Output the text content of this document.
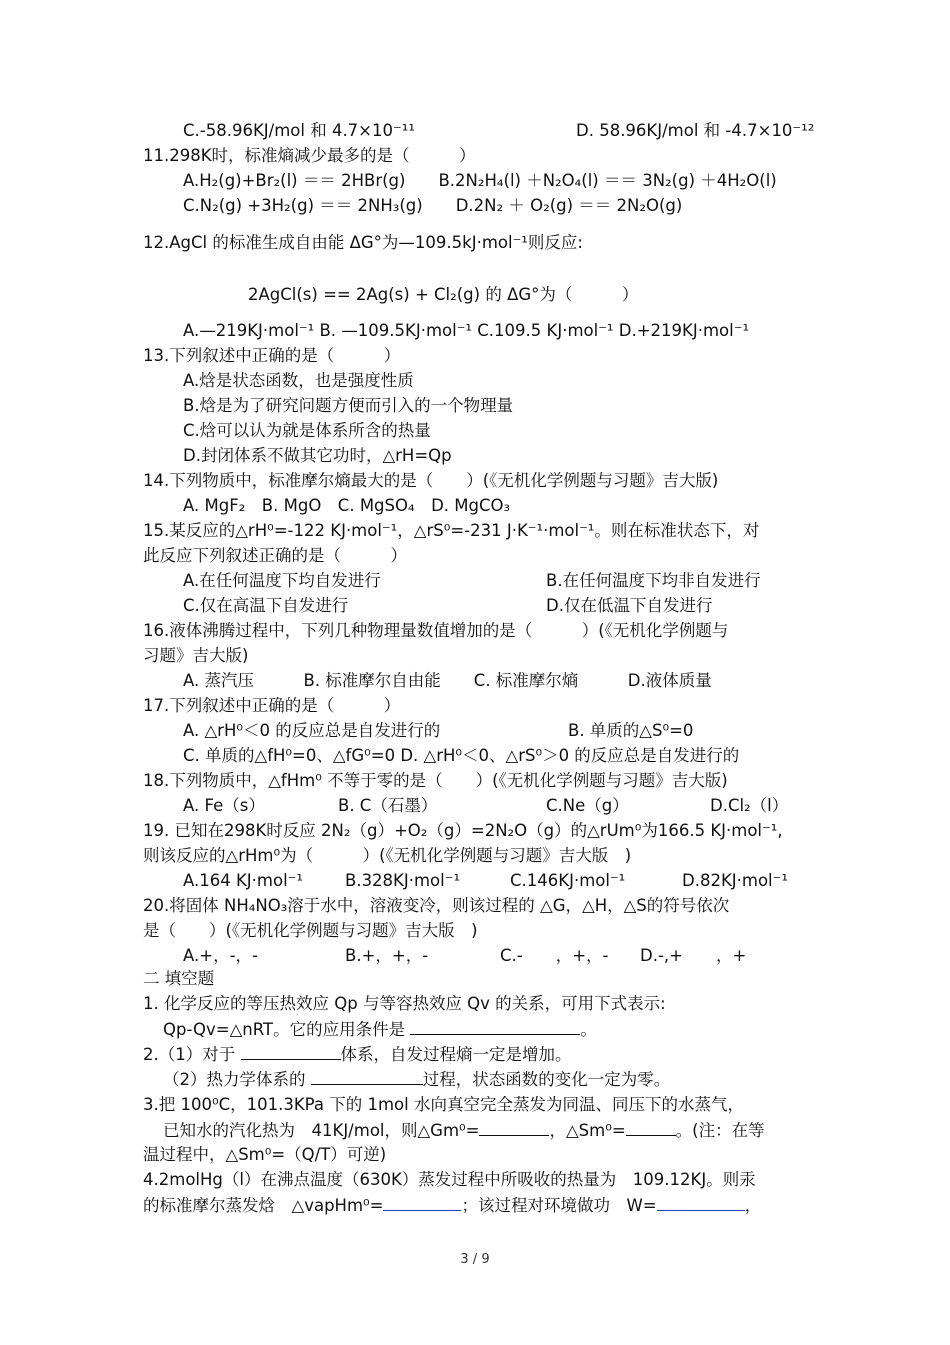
C.-58.96KJ/mol 和 4.7×10⁻¹¹	D. 58.96KJ/mol 和 -4.7×10⁻¹²
11.298K时，标准熵减少最多的是（　　　）
A.H₂(g)+Br₂(l) ＝＝ 2HBr(g)　　B.2N₂H₄(l) ＋N₂O₄(l) ＝＝ 3N₂(g) ＋4H₂O(l)
C.N₂(g) +3H₂(g) ＝＝ 2NH₃(g)　　D.2N₂ ＋ O₂(g) ＝＝ 2N₂O(g)
12.AgCl 的标准生成自由能 ΔG°为—109.5kJ·mol⁻¹则反应:
2AgCl(s) == 2Ag(s) + Cl₂(g) 的 ΔG°为（　　　）
A.—219KJ·mol⁻¹ B. —109.5KJ·mol⁻¹ C.109.5 KJ·mol⁻¹ D.+219KJ·mol⁻¹
13.下列叙述中正确的是（　　　）
A.焓是状态函数，也是强度性质
B.焓是为了研究问题方便而引入的一个物理量
C.焓可以认为就是体系所含的热量
D.封闭体系不做其它功时，△rH=Qp
14.下列物质中，标准摩尔熵最大的是（　　）(《无机化学例题与习题》吉大版)
A. MgF₂　B. MgO　C. MgSO₄　D. MgCO₃
15.某反应的△rH⁰=-122 KJ·mol⁻¹，△rS⁰=-231 J·K⁻¹·mol⁻¹。则在标准状态下，对
此反应下列叙述正确的是（　　　）
A.在任何温度下均自发进行	B.在任何温度下均非自发进行
C.仅在高温下自发进行	D.仅在低温下自发进行
16.液体沸腾过程中，下列几种物理量数值增加的是（　　　）(《无机化学例题与
习题》吉大版)
A. 蒸汽压　　　B. 标准摩尔自由能　　C. 标准摩尔熵　　　D.液体质量
17.下列叙述中正确的是（　　　）
A. △rH⁰＜0 的反应总是自发进行的	B. 单质的△S⁰=0
C. 单质的△fH⁰=0、△fG⁰=0 D. △rH⁰＜0、△rS⁰＞0 的反应总是自发进行的
18.下列物质中，△fHm⁰ 不等于零的是（　　）(《无机化学例题与习题》吉大版)
A. Fe（s）	B. C（石墨）	C.Ne（g）	D.Cl₂（l）
19. 已知在298K时反应 2N₂（g）+O₂（g）=2N₂O（g）的△rUm⁰为166.5 KJ·mol⁻¹,
则该反应的△rHm⁰为（　　　）(《无机化学例题与习题》吉大版　)
A.164 KJ·mol⁻¹	B.328KJ·mol⁻¹	C.146KJ·mol⁻¹	D.82KJ·mol⁻¹
20.将固体 NH₄NO₃溶于水中，溶液变冷，则该过程的 △G，△H，△S的符号依次
是（　　）(《无机化学例题与习题》吉大版　)
A.+，-，-	B.+，+，-	C.-　　，+，- D.-,+　　，+
二 填空题
1. 化学反应的等压热效应 Qp 与等容热效应 Qv 的关系，可用下式表示:
Qp-Qv=△nRT。它的应用条件是	。
2.（1）对于	体系，自发过程熵一定是增加。
（2）热力学体系的	过程，状态函数的变化一定为零。
3.把 100⁰C，101.3KPa 下的 1mol 水向真空完全蒸发为同温、同压下的水蒸气，
已知水的汽化热为　41KJ/mol，则△Gm⁰=	，△Sm⁰=	。(注：在等
温过程中，△Sm⁰=（Q/T）可逆)
4.2molHg（l）在沸点温度（630K）蒸发过程中所吸收的热量为　109.12KJ。则汞
的标准摩尔蒸发焓　△vapHm⁰=	；该过程对环境做功　W=	，
3 / 9
